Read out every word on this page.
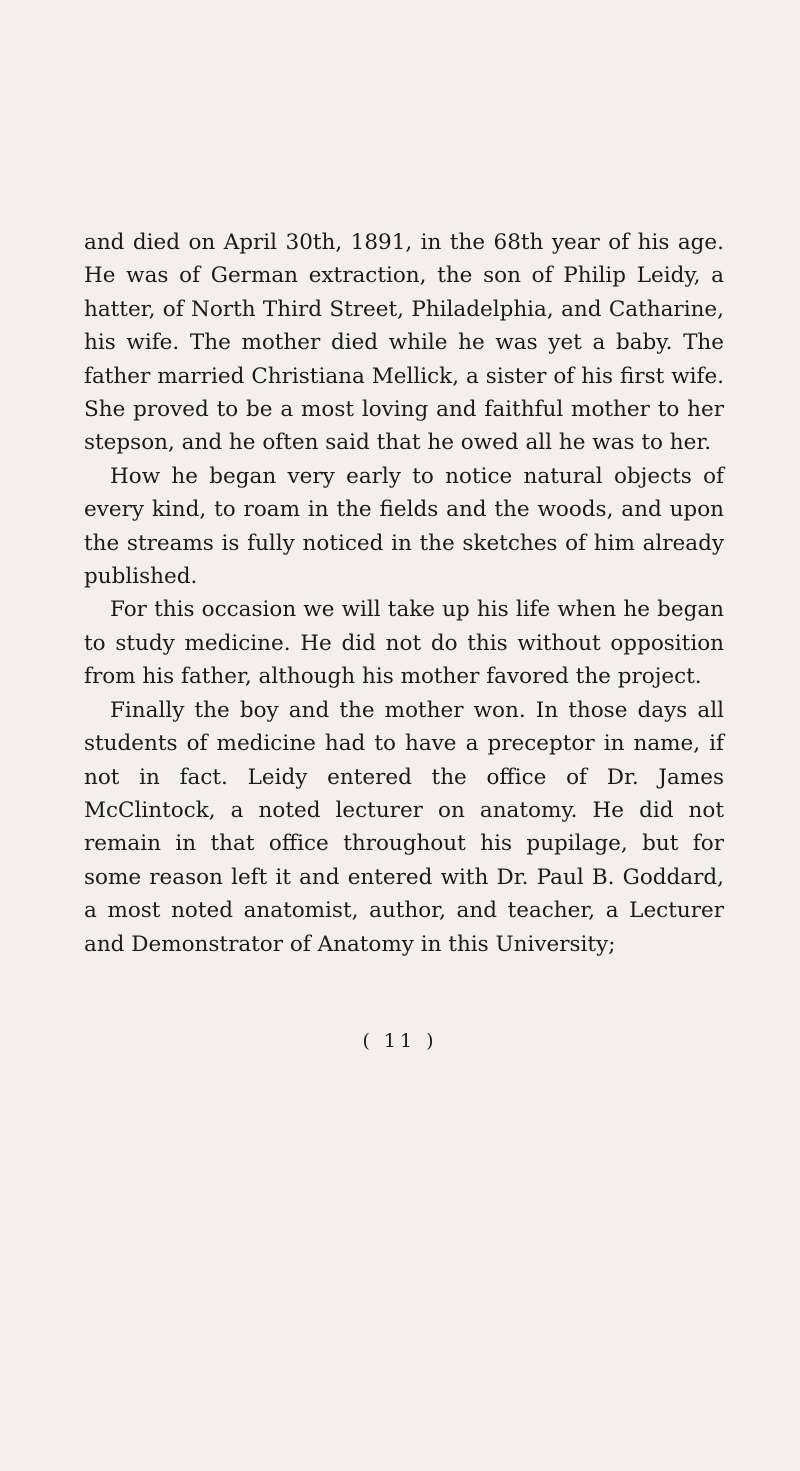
and died on April 30th, 1891, in the 68th year of his age. He was of German extraction, the son of Philip Leidy, a hatter, of North Third Street, Philadelphia, and Catharine, his wife. The mother died while he was yet a baby. The father married Christiana Mellick, a sister of his first wife. She proved to be a most loving and faithful mother to her stepson, and he often said that he owed all he was to her.

How he began very early to notice natural objects of every kind, to roam in the fields and the woods, and upon the streams is fully noticed in the sketches of him already published.

For this occasion we will take up his life when he began to study medicine. He did not do this without opposition from his father, although his mother favored the project.

Finally the boy and the mother won. In those days all students of medicine had to have a preceptor in name, if not in fact. Leidy entered the office of Dr. James McClintock, a noted lecturer on anatomy. He did not remain in that office throughout his pupilage, but for some reason left it and entered with Dr. Paul B. Goddard, a most noted anatomist, author, and teacher, a Lecturer and Demonstrator of Anatomy in this University;

( 11 )
